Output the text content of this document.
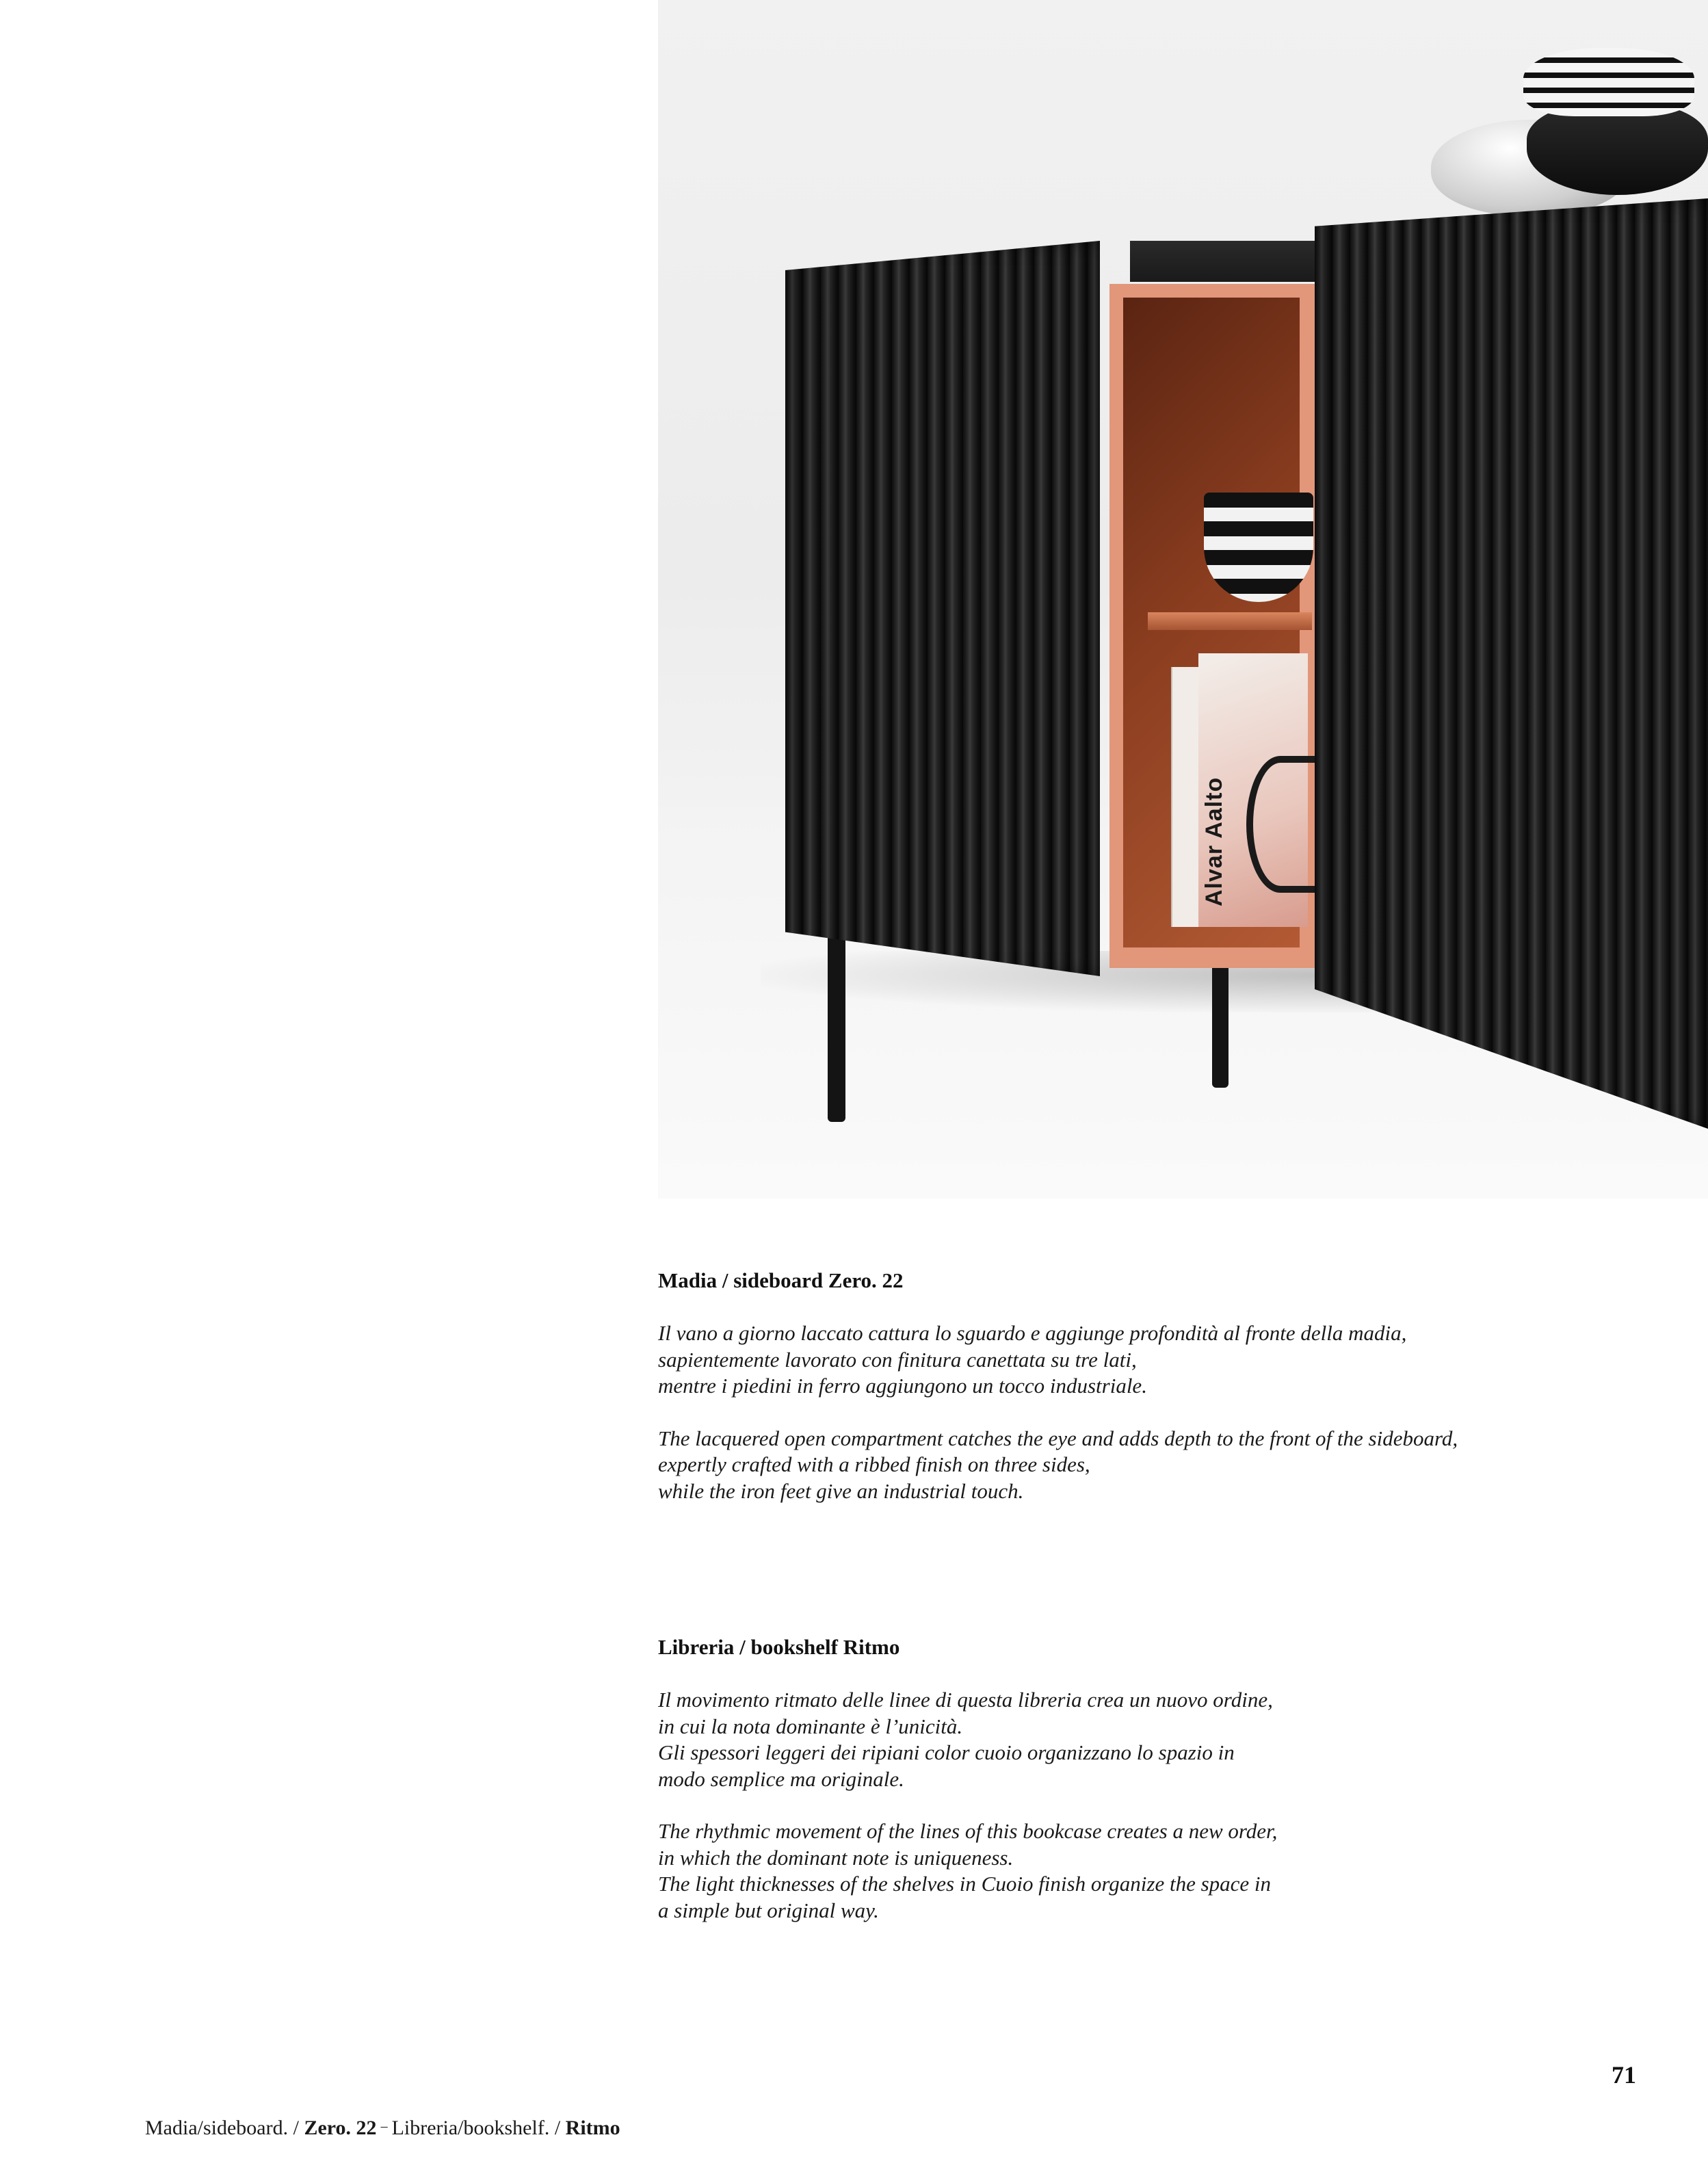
Alvar Aalto
Madia / sideboard Zero. 22

Il vano a giorno laccato cattura lo sguardo e aggiunge profondità al fronte della madia,
sapientemente lavorato con finitura canettata su tre lati,
mentre i piedini in ferro aggiungono un tocco industriale.

The lacquered open compartment catches the eye and adds depth to the front of the sideboard,
expertly crafted with a ribbed finish on three sides,
while the iron feet give an industrial touch.

Libreria / bookshelf Ritmo

Il movimento ritmato delle linee di questa libreria crea un nuovo ordine,
in cui la nota dominante è l’unicità.
Gli spessori leggeri dei ripiani color cuoio organizzano lo spazio in
modo semplice ma originale.

The rhythmic movement of the lines of this bookcase creates a new order,
in which the dominant note is uniqueness.
The light thicknesses of the shelves in Cuoio finish organize the space in
a simple but original way.

Madia/sideboard. / Zero. 22 – Libreria/bookshelf. / Ritmo
71
